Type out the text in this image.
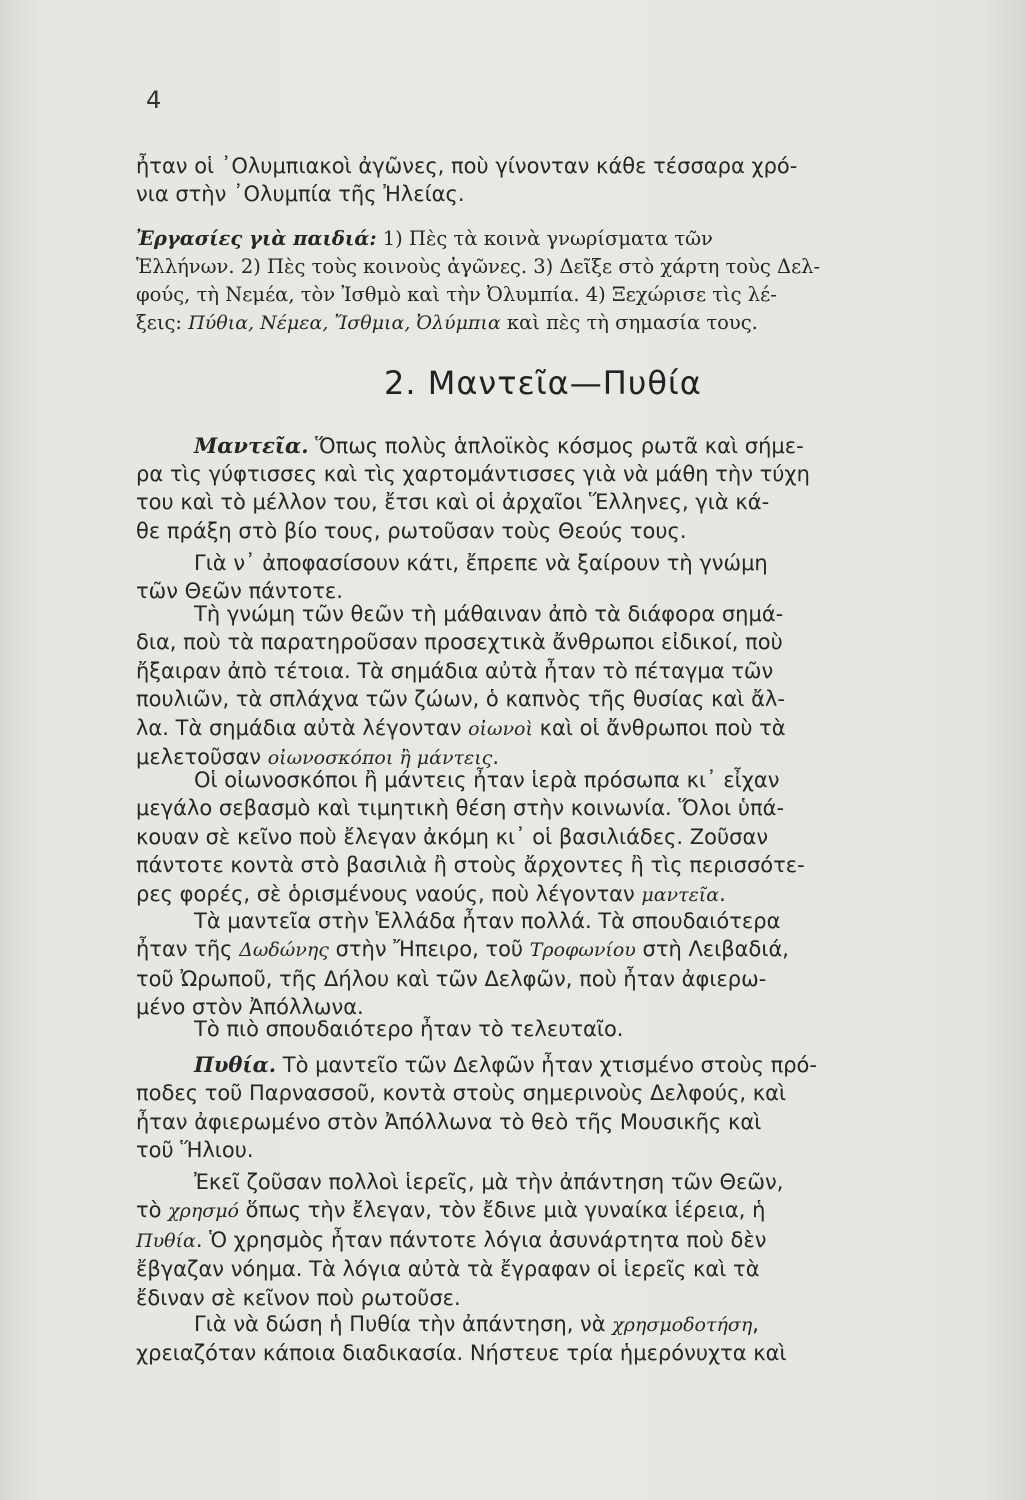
4

ἦταν οἱ ᾿Ολυμπιακοὶ ἀγῶνες, ποὺ γίνονταν κάθε τέσσαρα χρό-
νια στὴν ᾿Ολυμπία τῆς Ἠλείας.

Ἐργασίες γιὰ παιδιά: 1) Πὲς τὰ κοινὰ γνωρίσματα τῶν
Ἑλλήνων. 2) Πὲς τοὺς κοινοὺς ἀγῶνες. 3) Δεῖξε στὸ χάρτη τοὺς Δελ-
φούς, τὴ Νεμέα, τὸν Ἰσθμὸ καὶ τὴν Ὀλυμπία. 4) Ξεχώρισε τὶς λέ-
ξεις: Πύθια, Νέμεα, Ἴσθμια, Ὀλύμπια καὶ πὲς τὴ σημασία τους.

2. Μαντεῖα—Πυθία

Μαντεῖα. Ὅπως πολὺς ἁπλοϊκὸς κόσμος ρωτᾶ καὶ σήμε-

ρα τὶς γύφτισσες καὶ τὶς χαρτομάντισσες γιὰ νὰ μάθη τὴν τύχη
του καὶ τὸ μέλλον του, ἔτσι καὶ οἱ ἀρχαῖοι Ἕλληνες, γιὰ κά-
θε πράξη στὸ βίο τους, ρωτοῦσαν τοὺς Θεούς τους.

Γιὰ ν᾿ ἀποφασίσουν κάτι, ἔπρεπε νὰ ξαίρουν τὴ γνώμη
τῶν Θεῶν πάντοτε.

Τὴ γνώμη τῶν θεῶν τὴ μάθαιναν ἀπὸ τὰ διάφορα σημά-
δια, ποὺ τὰ παρατηροῦσαν προσεχτικὰ ἄνθρωποι εἰδικοί, ποὺ
ἤξαιραν ἀπὸ τέτοια. Τὰ σημάδια αὐτὰ ἦταν τὸ πέταγμα τῶν
πουλιῶν, τὰ σπλάχνα τῶν ζώων, ὁ καπνὸς τῆς θυσίας καὶ ἄλ-
λα. Τὰ σημάδια αὐτὰ λέγονταν οἰωνοὶ καὶ οἱ ἄνθρωποι ποὺ τὰ
μελετοῦσαν οἰωνοσκόποι ἢ μάντεις.

Οἱ οἰωνοσκόποι ἢ μάντεις ἦταν ἱερὰ πρόσωπα κι᾿ εἶχαν
μεγάλο σεβασμὸ καὶ τιμητικὴ θέση στὴν κοινωνία. Ὅλοι ὑπά-
κουαν σὲ κεῖνο ποὺ ἔλεγαν ἀκόμη κι᾿ οἱ βασιλιάδες. Ζοῦσαν
πάντοτε κοντὰ στὸ βασιλιὰ ἢ στοὺς ἄρχοντες ἢ τὶς περισσότε-
ρες φορές, σὲ ὁρισμένους ναούς, ποὺ λέγονταν μαντεῖα.

Τὰ μαντεῖα στὴν Ἑλλάδα ἦταν πολλά. Τὰ σπουδαιότερα
ἦταν τῆς Δωδώνης στὴν Ἤπειρο, τοῦ Τροφωνίου στὴ Λειβαδιά,
τοῦ Ὠρωποῦ, τῆς Δήλου καὶ τῶν Δελφῶν, ποὺ ἦταν ἀφιερω-
μένο στὸν Ἀπόλλωνα.

Τὸ πιὸ σπουδαιότερο ἦταν τὸ τελευταῖο.

Πυθία. Τὸ μαντεῖο τῶν Δελφῶν ἦταν χτισμένο στοὺς πρό-
ποδες τοῦ Παρνασσοῦ, κοντὰ στοὺς σημερινοὺς Δελφούς, καὶ
ἦταν ἀφιερωμένο στὸν Ἀπόλλωνα τὸ θεὸ τῆς Μουσικῆς καὶ
τοῦ Ἥλιου.

Ἐκεῖ ζοῦσαν πολλοὶ ἱερεῖς, μὰ τὴν ἀπάντηση τῶν Θεῶν,
τὸ χρησμό ὅπως τὴν ἔλεγαν, τὸν ἔδινε μιὰ γυναίκα ἱέρεια, ἡ
Πυθία. Ὁ χρησμὸς ἦταν πάντοτε λόγια ἀσυνάρτητα ποὺ δὲν
ἔβγαζαν νόημα. Τὰ λόγια αὐτὰ τὰ ἔγραφαν οἱ ἱερεῖς καὶ τὰ
ἔδιναν σὲ κεῖνον ποὺ ρωτοῦσε.

Γιὰ νὰ δώση ἡ Πυθία τὴν ἀπάντηση, νὰ χρησμοδοτήση,
χρειαζόταν κάποια διαδικασία. Νήστευε τρία ἡμερόνυχτα καὶ
